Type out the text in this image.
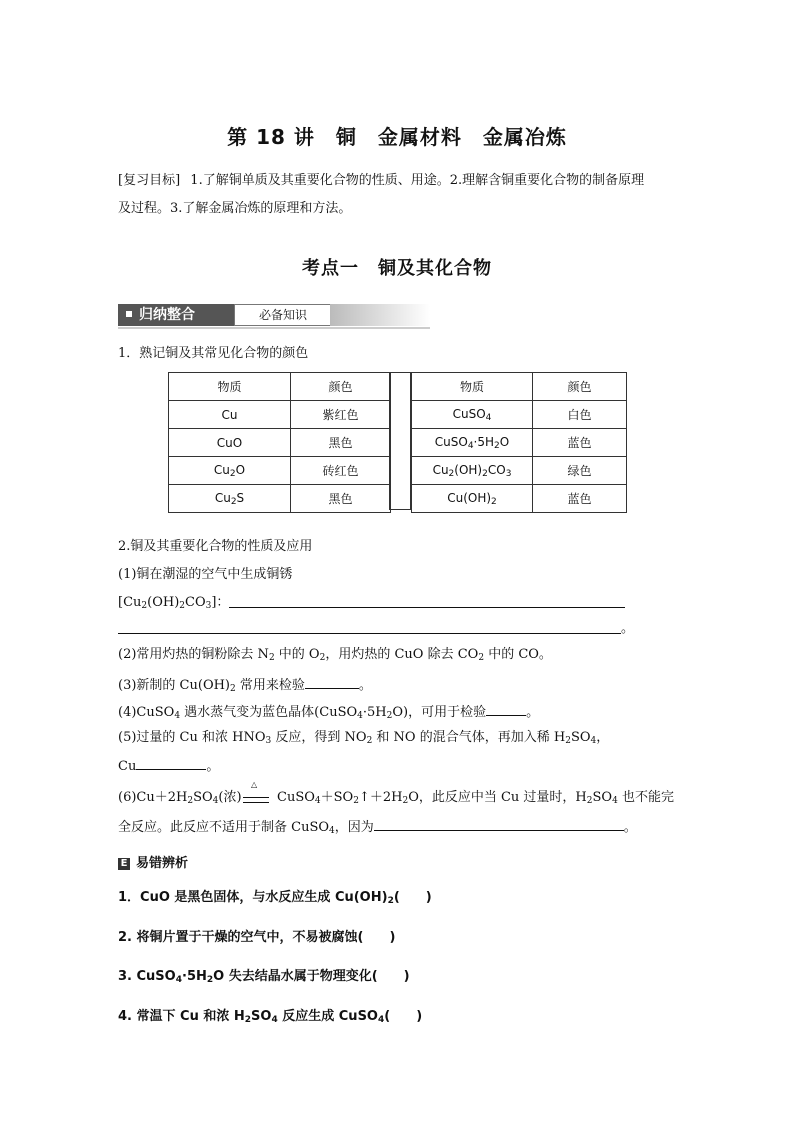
第 18 讲　铜　金属材料　金属冶炼
[复习目标] 1.了解铜单质及其重要化合物的性质、用途。2.理解含铜重要化合物的制备原理
及过程。3.了解金属冶炼的原理和方法。
考点一　铜及其化合物
归纳整合	必备知识
1．熟记铜及其常见化合物的颜色
物质	颜色
Cu	紫红色
CuO	黑色
$Cu_2O$	砖红色
$Cu_2S$	黑色
物质	颜色
CuSO$_4$	白色
$CuSO_4\cdot 5H_2O$	蓝色
$Cu_2(OH)_2CO_3$	绿色
$Cu(OH)_2$	蓝色
2.铜及其重要化合物的性质及应用
(1)铜在潮湿的空气中生成铜锈
$[Cu_2(OH)_2CO_3]$：
。
(2)常用灼热的铜粉除去 $N_2$ 中的 $O_2$，用灼热的 CuO 除去 $CO_2$ 中的 CO。
(3)新制的 $Cu(OH)_2$ 常用来检验	。
(4)CuSO$_4$ 遇水蒸气变为蓝色晶体$(CuSO_4\cdot 5H_2O)$，可用于检验	。
(5)过量的 Cu 和浓 $HNO_3$ 反应，得到 $NO_2$ 和 NO 的混合气体，再加入稀 $H_2SO_4$，
Cu	。
$(6)Cu+2H_2SO_4$(浓)
△
$CuSO_4+SO_2↑+2H_2O$，此反应中当 Cu 过量时，$H_2SO_4$ 也不能完
全反应。此反应不适用于制备 CuSO$_4$，因为	。
E 易错辨析
1．CuO 是黑色固体，与水反应生成 $Cu(OH)_2$(　　)
2. 将铜片置于干燥的空气中，不易被腐蚀(　　)
3. $CuSO_4\cdot 5H_2O$ 失去结晶水属于物理变化(　　)
4. 常温下 Cu 和浓 $H_2SO_4$ 反应生成 CuSO$_4$(　　)
